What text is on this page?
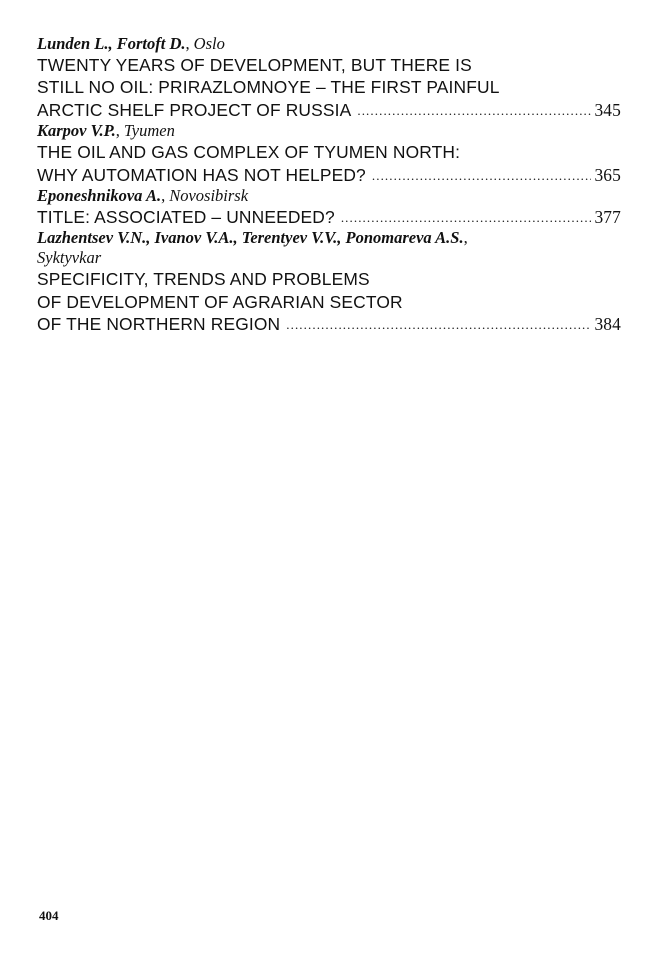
Lunden L., Fortoft D. , Oslo
TWENTY YEARS OF DEVELOPMENT, BUT THERE IS
STILL NO OIL: PRIRAZLOMNOYE – THE FIRST PAINFUL
ARCTIC SHELF PROJECT OF RUSSIA .....	345
Karpov V.P. , Tyumen
THE OIL AND GAS COMPLEX OF TYUMEN NORTH:
WHY AUTOMATION HAS NOT HELPED? .....	365
Eponeshnikova A. , Novosibirsk
TITLE: ASSOCIATED – UNNEEDED? .....	377
Lazhentsev V.N., Ivanov V.A., Terentyev V.V., Ponomareva A.S. ,
Syktyvkar
SPECIFICITY, TRENDS AND PROBLEMS
OF DEVELOPMENT OF AGRARIAN SECTOR
OF THE NORTHERN REGION .....	384
404
